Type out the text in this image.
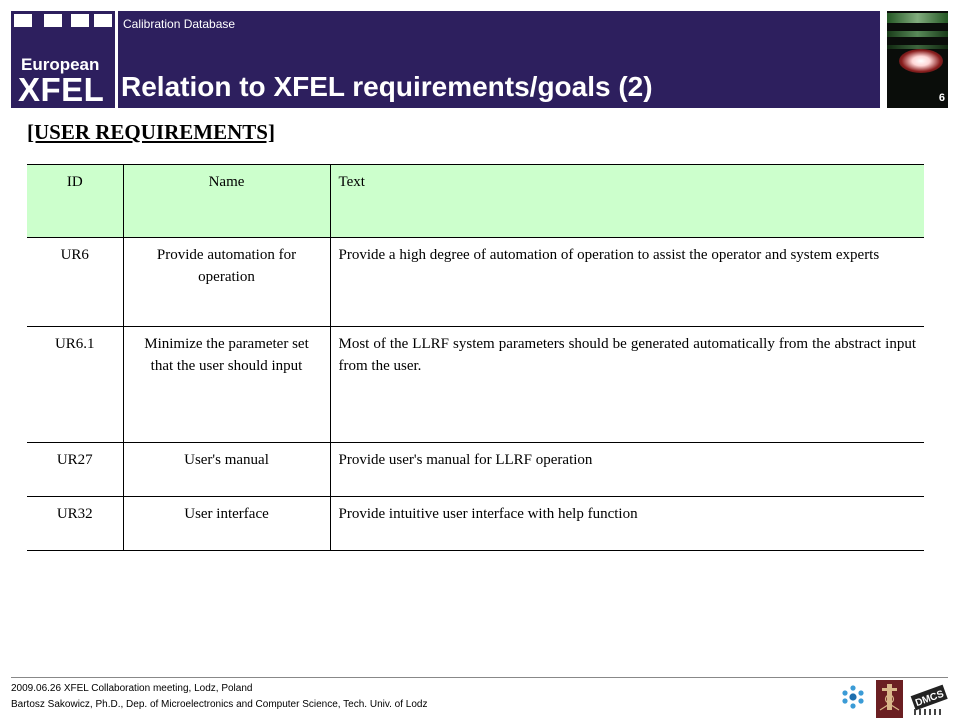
European
XFEL
Calibration Database
Relation to XFEL requirements/goals (2)	6
[USER REQUIREMENTS]
ID	Name	Text
UR6	Provide automation for operation	Provide a high degree of automation of operation to assist the operator and system experts
UR6.1	Minimize the parameter set that the user should input	Most of the LLRF system parameters should be generated automatically from the abstract input from the user.
UR27	User's manual	Provide user's manual for LLRF operation
UR32	User interface	Provide intuitive user interface with help function
2009.06.26 XFEL Collaboration meeting, Lodz, Poland
Bartosz Sakowicz, Ph.D., Dep. of Microelectronics and Computer Science, Tech. Univ. of Lodz	DMCS
